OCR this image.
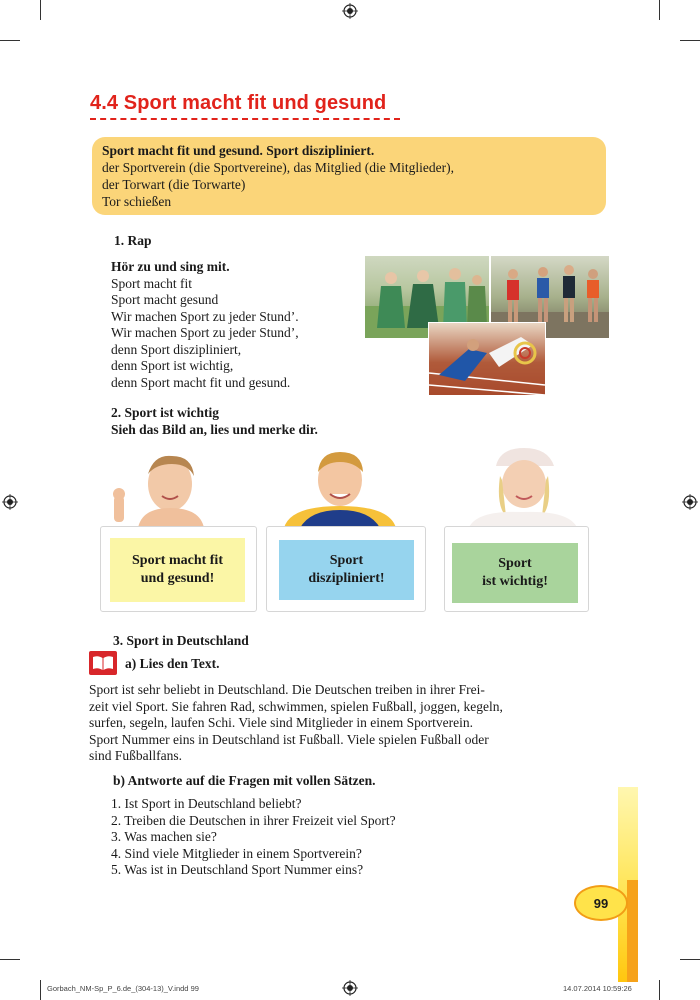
4.4 Sport macht fit und gesund
Sport macht fit und gesund. Sport diszipliniert.
der Sportverein (die Sportvereine), das Mitglied (die Mitglieder),
der Torwart (die Torwarte)
Tor schießen
1. Rap
Hör zu und sing mit.
Sport macht fit
Sport macht gesund
Wir machen Sport zu jeder Stund’.
Wir machen Sport zu jeder Stund’,
denn Sport diszipliniert,
denn Sport ist wichtig,
denn Sport macht fit und gesund.
2. Sport ist wichtig
Sieh das Bild an, lies und merke dir.
Sport macht fit
und gesund!
Sport
diszipliniert!
Sport
ist wichtig!
3. Sport in Deutschland
a) Lies den Text.
Sport ist sehr beliebt in Deutschland. Die Deutschen treiben in ihrer Frei-
zeit viel Sport. Sie fahren Rad, schwimmen, spielen Fußball, joggen, kegeln,
surfen, segeln, laufen Schi. Viele sind Mitglieder in einem Sportverein.
Sport Nummer eins in Deutschland ist Fußball. Viele spielen Fußball oder
sind Fußballfans.
b) Antworte auf die Fragen mit vollen Sätzen.
1. Ist Sport in Deutschland beliebt?
2. Treiben die Deutschen in ihrer Freizeit viel Sport?
3. Was machen sie?
4. Sind viele Mitglieder in einem Sportverein?
5. Was ist in Deutschland Sport Nummer eins?
99
Gorbach_NM-Sp_P_6.de_(304-13)_V.indd 99	14.07.2014 10:59:26
